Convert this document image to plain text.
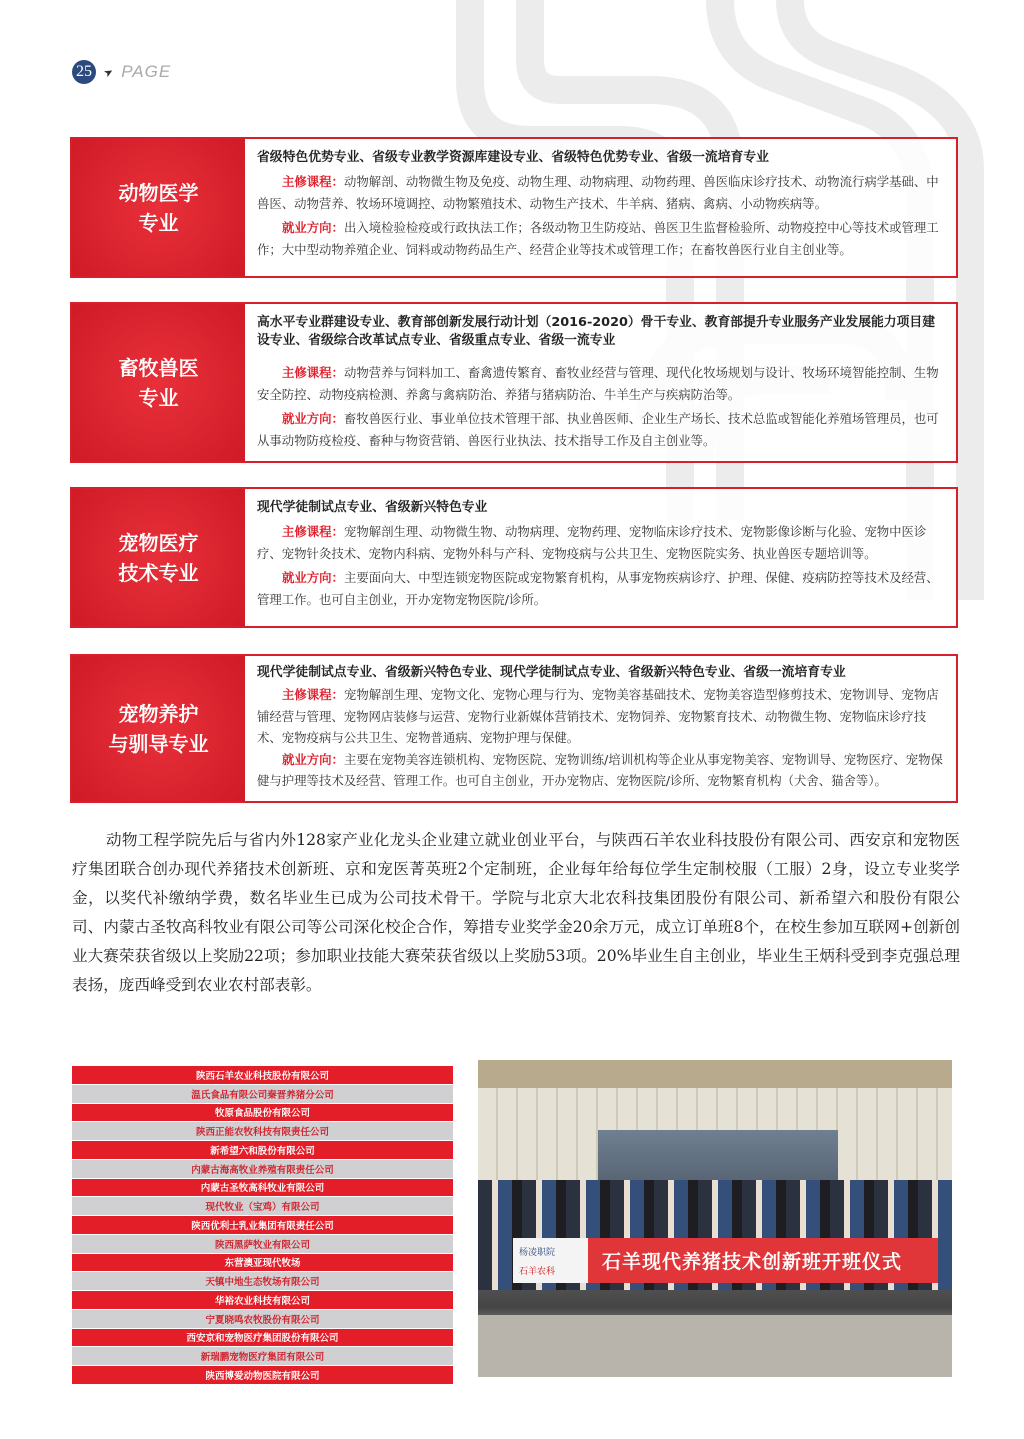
25 ➤ PAGE
动物医学
专业
省级特色优势专业、省级专业教学资源库建设专业、省级特色优势专业、省级一流培育专业

主修课程：动物解剖、动物微生物及免疫、动物生理、动物病理、动物药理、兽医临床诊疗技术、动物流行病学基础、中兽医、动物营养、牧场环境调控、动物繁殖技术、动物生产技术、牛羊病、猪病、禽病、小动物疾病等。

就业方向：出入境检验检疫或行政执法工作；各级动物卫生防疫站、兽医卫生监督检验所、动物疫控中心等技术或管理工作；大中型动物养殖企业、饲料或动物药品生产、经营企业等技术或管理工作；在畜牧兽医行业自主创业等。

畜牧兽医
专业
高水平专业群建设专业、教育部创新发展行动计划（2016-2020）骨干专业、教育部提升专业服务产业发展能力项目建设专业、省级综合改革试点专业、省级重点专业、省级一流专业

主修课程：动物营养与饲料加工、畜禽遗传繁育、畜牧业经营与管理、现代化牧场规划与设计、牧场环境智能控制、生物安全防控、动物疫病检测、养禽与禽病防治、养猪与猪病防治、牛羊生产与疾病防治等。

就业方向：畜牧兽医行业、事业单位技术管理干部、执业兽医师、企业生产场长、技术总监或智能化养殖场管理员，也可从事动物防疫检疫、畜种与物资营销、兽医行业执法、技术指导工作及自主创业等。

宠物医疗
技术专业
现代学徒制试点专业、省级新兴特色专业

主修课程：宠物解剖生理、动物微生物、动物病理、宠物药理、宠物临床诊疗技术、宠物影像诊断与化验、宠物中医诊疗、宠物针灸技术、宠物内科病、宠物外科与产科、宠物疫病与公共卫生、宠物医院实务、执业兽医专题培训等。

就业方向：主要面向大、中型连锁宠物医院或宠物繁育机构，从事宠物疾病诊疗、护理、保健、疫病防控等技术及经营、管理工作。也可自主创业，开办宠物宠物医院/诊所。

宠物养护
与驯导专业
现代学徒制试点专业、省级新兴特色专业、现代学徒制试点专业、省级新兴特色专业、省级一流培育专业

主修课程：宠物解剖生理、宠物文化、宠物心理与行为、宠物美容基础技术、宠物美容造型修剪技术、宠物训导、宠物店铺经营与管理、宠物网店装修与运营、宠物行业新媒体营销技术、宠物饲养、宠物繁育技术、动物微生物、宠物临床诊疗技术、宠物疫病与公共卫生、宠物普通病、宠物护理与保健。

就业方向：主要在宠物美容连锁机构、宠物医院、宠物训练/培训机构等企业从事宠物美容、宠物训导、宠物医疗、宠物保健与护理等技术及经营、管理工作。也可自主创业，开办宠物店、宠物医院/诊所、宠物繁育机构（犬舍、猫舍等）。

动物工程学院先后与省内外128家产业化龙头企业建立就业创业平台，与陕西石羊农业科技股份有限公司、西安京和宠物医疗集团联合创办现代养猪技术创新班、京和宠医菁英班2个定制班，企业每年给每位学生定制校服（工服）2身，设立专业奖学金，以奖代补缴纳学费，数名毕业生已成为公司技术骨干。学院与北京大北农科技集团股份有限公司、新希望六和股份有限公司、内蒙古圣牧高科牧业有限公司等公司深化校企合作，筹措专业奖学金20余万元，成立订单班8个，在校生参加互联网+创新创业大赛荣获省级以上奖励22项；参加职业技能大赛荣获省级以上奖励53项。20%毕业生自主创业，毕业生王炳科受到李克强总理表扬，庞西峰受到农业农村部表彰。
陕西石羊农业科技股份有限公司
温氏食品有限公司秦晋养猪分公司
牧原食品股份有限公司
陕西正能农牧科技有限责任公司
新希望六和股份有限公司
内蒙古海高牧业养殖有限责任公司
内蒙古圣牧高科牧业有限公司
现代牧业（宝鸡）有限公司
陕西优利士乳业集团有限责任公司
陕西黑萨牧业有限公司
东营澳亚现代牧场
天镇中地生态牧场有限公司
华裕农业科技有限公司
宁夏晓鸣农牧股份有限公司
西安京和宠物医疗集团股份有限公司
新瑞鹏宠物医疗集团有限公司
陕西博爱动物医院有限公司
杨凌职院
石羊农科	石羊现代养猪技术创新班开班仪式
